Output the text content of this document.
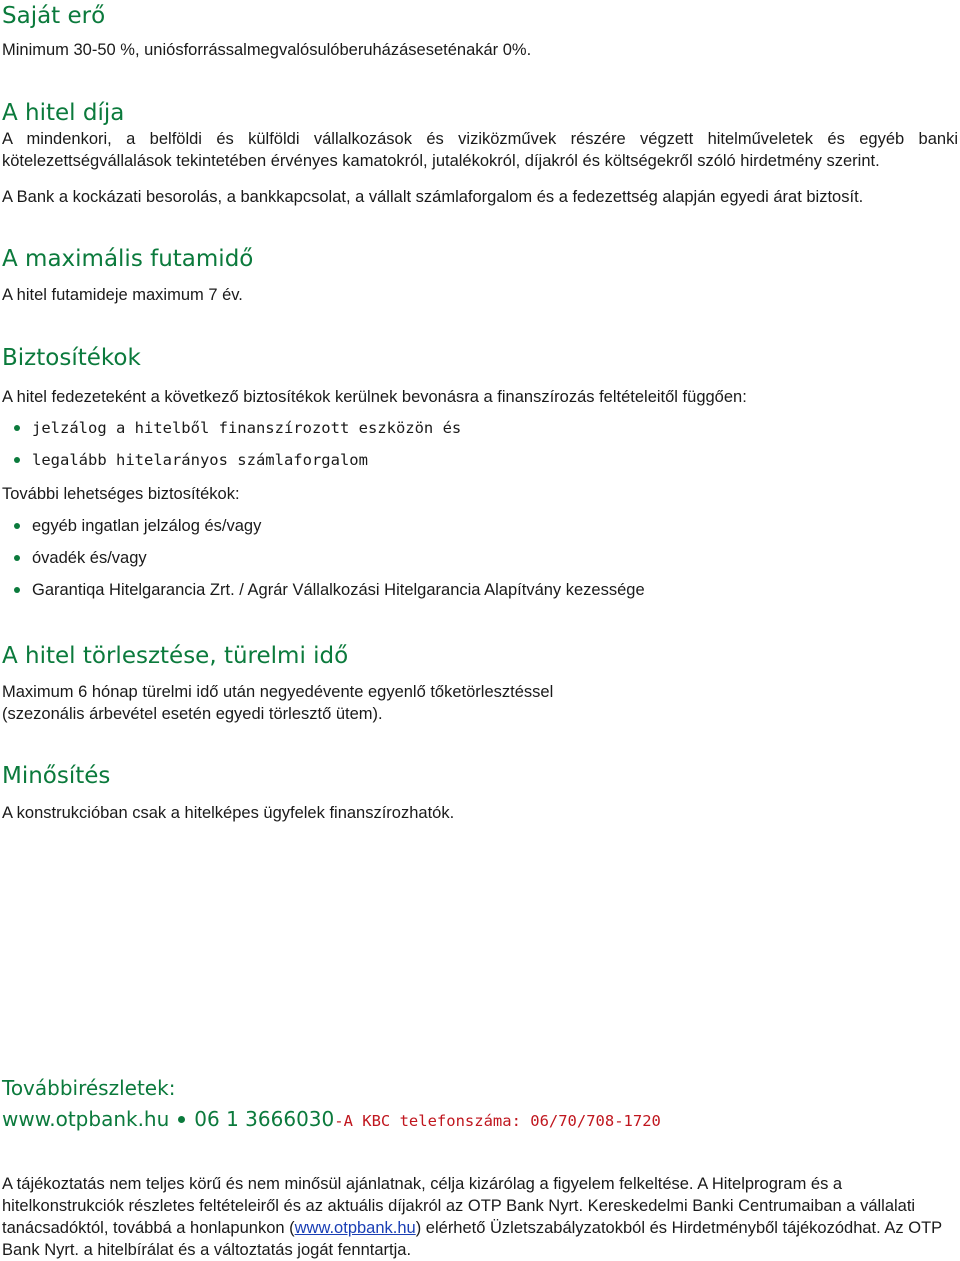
Saját erő

Minimum 30-50 %, uniósforrássalmegvalósulóberuházáseseténakár 0%.

A hitel díja

A mindenkori, a belföldi és külföldi vállalkozások és viziközművek részére végzett hitelműveletek és egyéb banki kötelezettségvállalások tekintetében érvényes kamatokról, jutalékokról, díjakról és költségekről szóló hirdetmény szerint.

A Bank a kockázati besorolás, a bankkapcsolat, a vállalt számlaforgalom és a fedezettség alapján egyedi árat biztosít.

A maximális futamidő

A hitel futamideje maximum 7 év.

Biztosítékok

A hitel fedezeteként a következő biztosítékok kerülnek bevonásra a finanszírozás feltételeitől függően:

jelzálog a hitelből finanszírozott eszközön és
legalább hitelarányos számlaforgalom

További lehetséges biztosítékok:

egyéb ingatlan jelzálog és/vagy
óvadék és/vagy
Garantiqa Hitelgarancia Zrt. / Agrár Vállalkozási Hitelgarancia Alapítvány kezessége
A hitel törlesztése, türelmi idő

Maximum 6 hónap türelmi idő után negyedévente egyenlő tőketörlesztéssel

(szezonális árbevétel esetén egyedi törlesztő ütem).

Minősítés

A konstrukcióban csak a hitelképes ügyfelek finanszírozhatók.

Továbbirészletek:
www.otpbank.hu 06 1 3666030-A KBC telefonszáma: 06/70/708-1720

A tájékoztatás nem teljes körű és nem minősül ajánlatnak, célja kizárólag a figyelem felkeltése. A Hitelprogram és a hitelkonstrukciók részletes feltételeiről és az aktuális díjakról az OTP Bank Nyrt. Kereskedelmi Banki Centrumaiban a vállalati tanácsadóktól, továbbá a honlapunkon (www.otpbank.hu) elérhető Üzletszabályzatokból és Hirdetményből tájékozódhat. Az OTP Bank Nyrt. a hitelbírálat és a változtatás jogát fenntartja.
